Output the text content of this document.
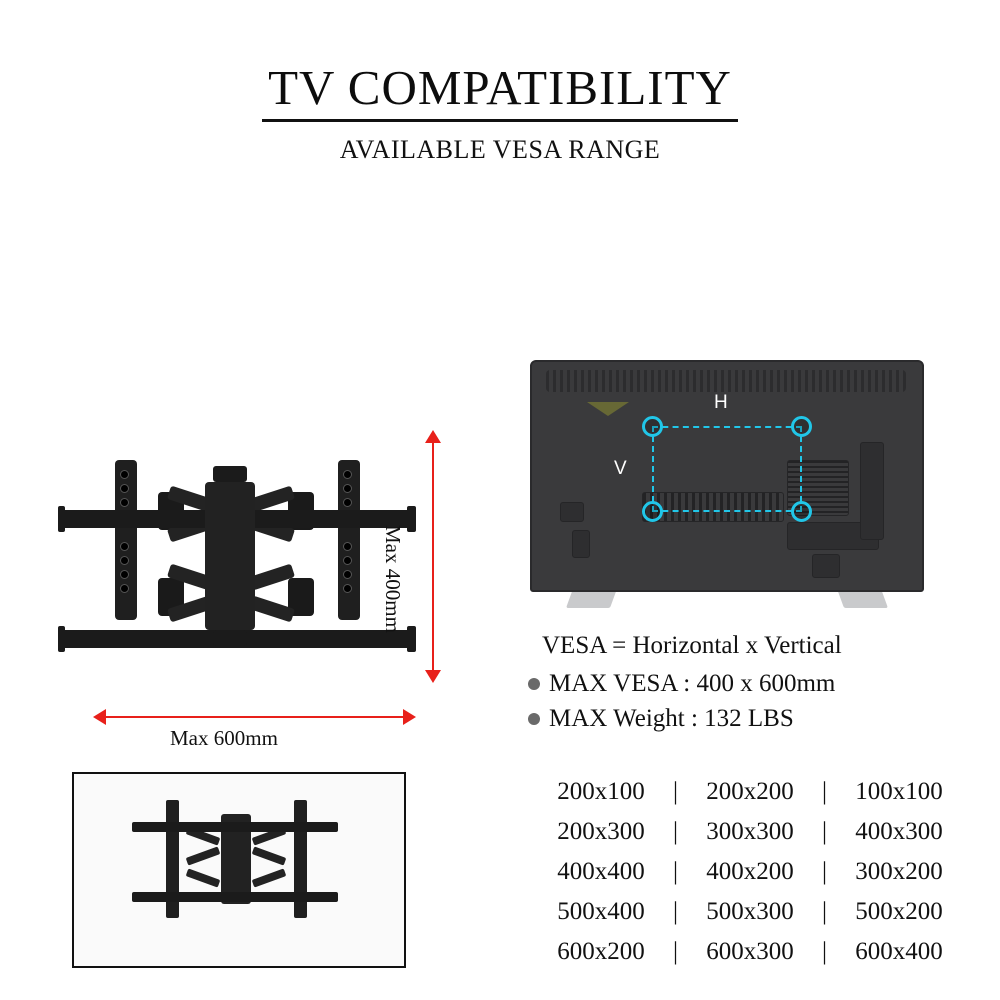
TV COMPATIBILITY
AVAILABLE VESA RANGE
Max 400mm
Max 600mm
H
V
VESA = Horizontal x Vertical
MAX VESA : 400 x 600mm
MAX Weight : 132 LBS
200x100	|	200x200	|	100x100
200x300	|	300x300	|	400x300
400x400	|	400x200	|	300x200
500x400	|	500x300	|	500x200
600x200	|	600x300	|	600x400
